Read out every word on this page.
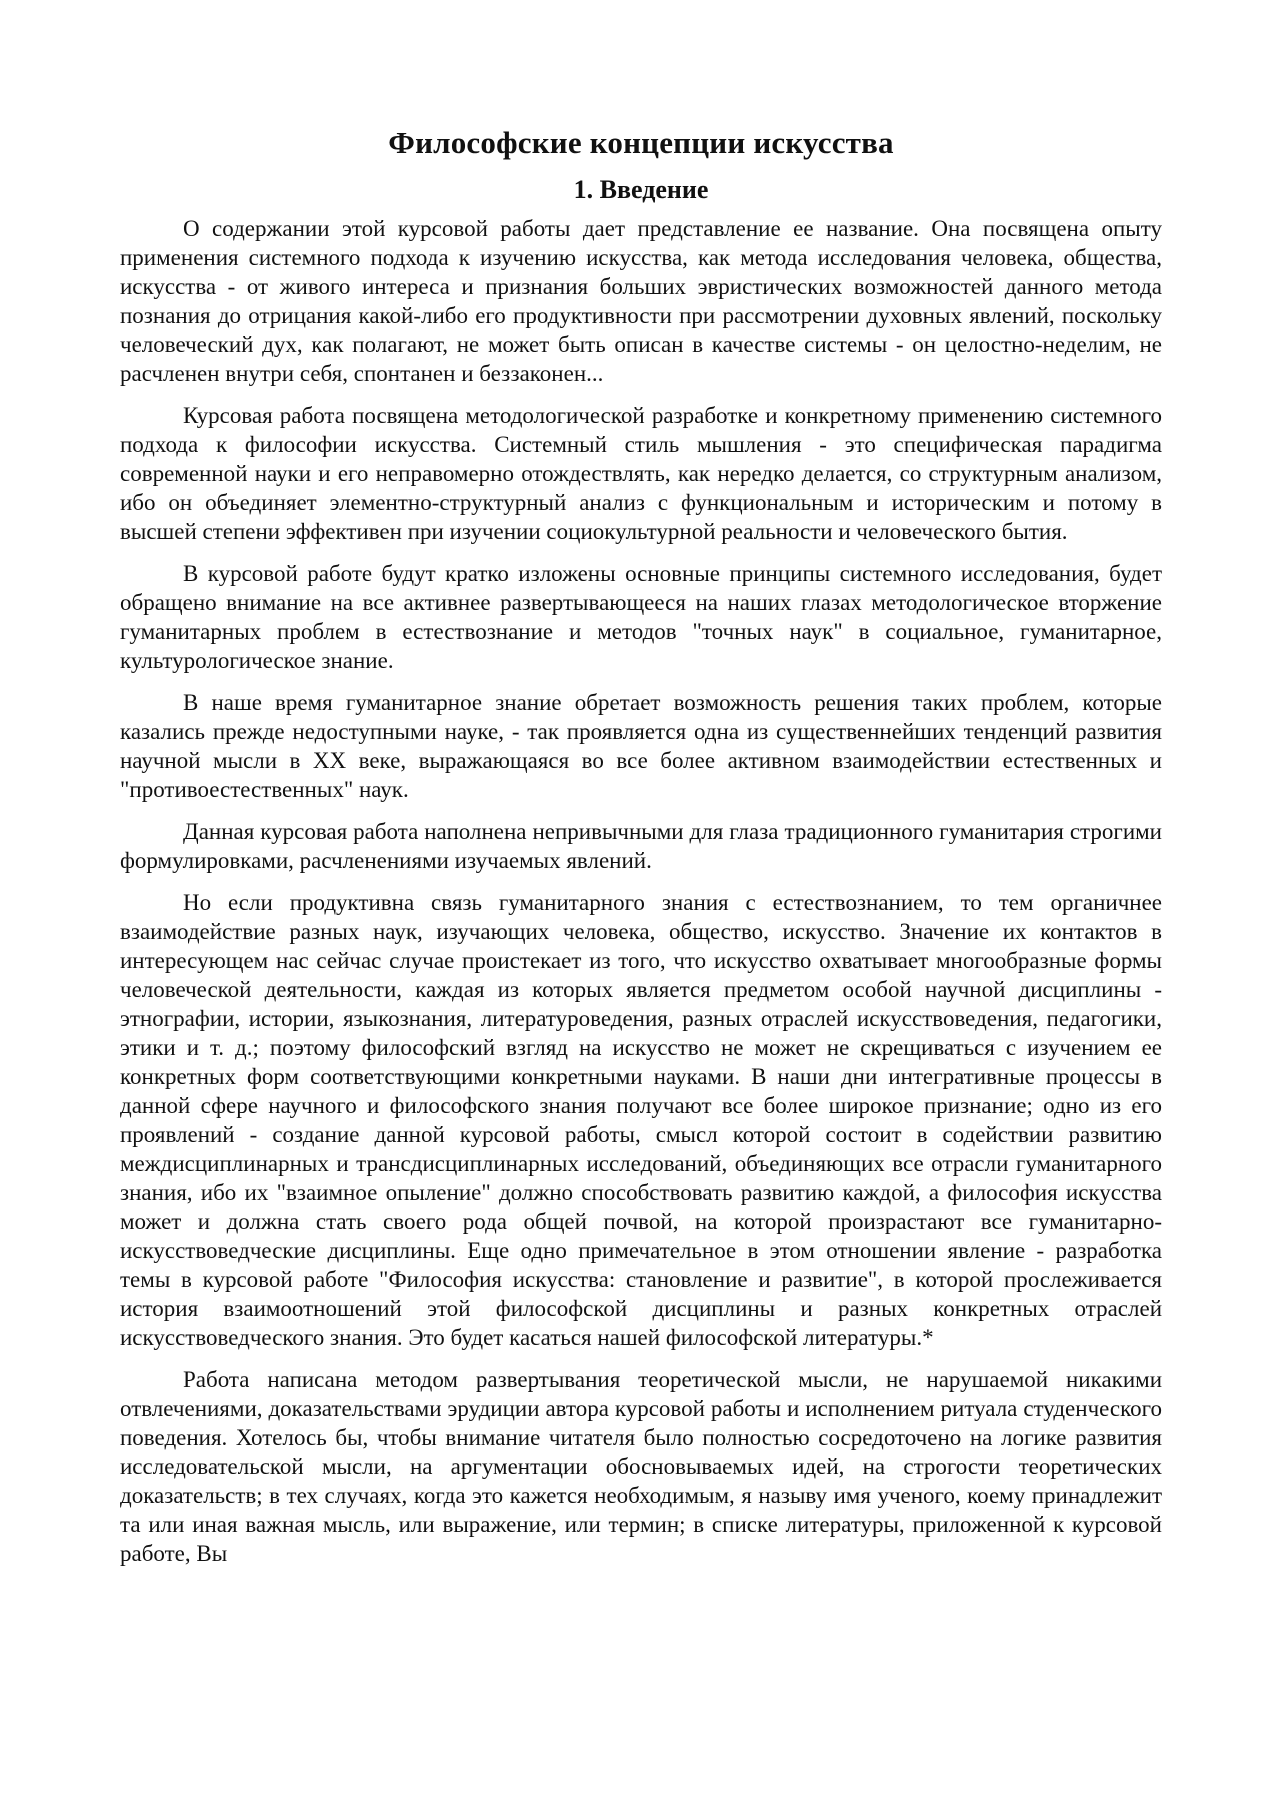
Философские концепции искусства
1. Введение

О содержании этой курсовой работы дает представление ее название. Она посвящена опыту применения системного подхода к изучению искусства, как метода исследования человека, общества, искусства - от живого интереса и признания больших эвристических возможностей данного метода познания до отрицания какой-либо его продуктивности при рассмотрении духовных явлений, поскольку человеческий дух, как полагают, не может быть описан в качестве системы - он целостно-неделим, не расчленен внутри себя, спонтанен и беззаконен...

Курсовая работа посвящена методологической разработке и конкретному применению системного подхода к философии искусства. Системный стиль мышления - это специфическая парадигма современной науки и его неправомерно отождествлять, как нередко делается, со структурным анализом, ибо он объединяет элементно-структурный анализ с функциональным и историческим и потому в высшей степени эффективен при изучении социокультурной реальности и человеческого бытия.

В курсовой работе будут кратко изложены основные принципы системного исследования, будет обращено внимание на все активнее развертывающееся на наших глазах методологическое вторжение гуманитарных проблем в естествознание и методов "точных наук" в социальное, гуманитарное, культурологическое знание.

В наше время гуманитарное знание обретает возможность решения таких проблем, которые казались прежде недоступными науке, - так проявляется одна из существеннейших тенденций развития научной мысли в XX веке, выражающаяся во все более активном взаимодействии естественных и "противоестественных" наук.

Данная курсовая работа наполнена непривычными для глаза традиционного гуманитария строгими формулировками, расчленениями изучаемых явлений.

Но если продуктивна связь гуманитарного знания с естествознанием, то тем органичнее взаимодействие разных наук, изучающих человека, общество, искусство. Значение их контактов в интересующем нас сейчас случае проистекает из того, что искусство охватывает многообразные формы человеческой деятельности, каждая из которых является предметом особой научной дисциплины - этнографии, истории, языкознания, литературоведения, разных отраслей искусствоведения, педагогики, этики и т. д.; поэтому философский взгляд на искусство не может не скрещиваться с изучением ее конкретных форм соответствующими конкретными науками. В наши дни интегративные процессы в данной сфере научного и философского знания получают все более широкое признание; одно из его проявлений - создание данной курсовой работы, смысл которой состоит в содействии развитию междисциплинарных и трансдисциплинарных исследований, объединяющих все отрасли гуманитарного знания, ибо их "взаимное опыление" должно способствовать развитию каждой, а философия искусства может и должна стать своего рода общей почвой, на которой произрастают все гуманитарно-искусствоведческие дисциплины. Еще одно примечательное в этом отношении явление - разработка темы в курсовой работе "Философия искусства: становление и развитие", в которой прослеживается история взаимоотношений этой философской дисциплины и разных конкретных отраслей искусствоведческого знания. Это будет касаться нашей философской литературы.*

Работа написана методом развертывания теоретической мысли, не нарушаемой никакими отвлечениями, доказательствами эрудиции автора курсовой работы и исполнением ритуала студенческого поведения. Хотелось бы, чтобы внимание читателя было полностью сосредоточено на логике развития исследовательской мысли, на аргументации обосновываемых идей, на строгости теоретических доказательств; в тех случаях, когда это кажется необходимым, я назыву имя ученого, коему принадлежит та или иная важная мысль, или выражение, или термин; в списке литературы, приложенной к курсовой работе, Вы
